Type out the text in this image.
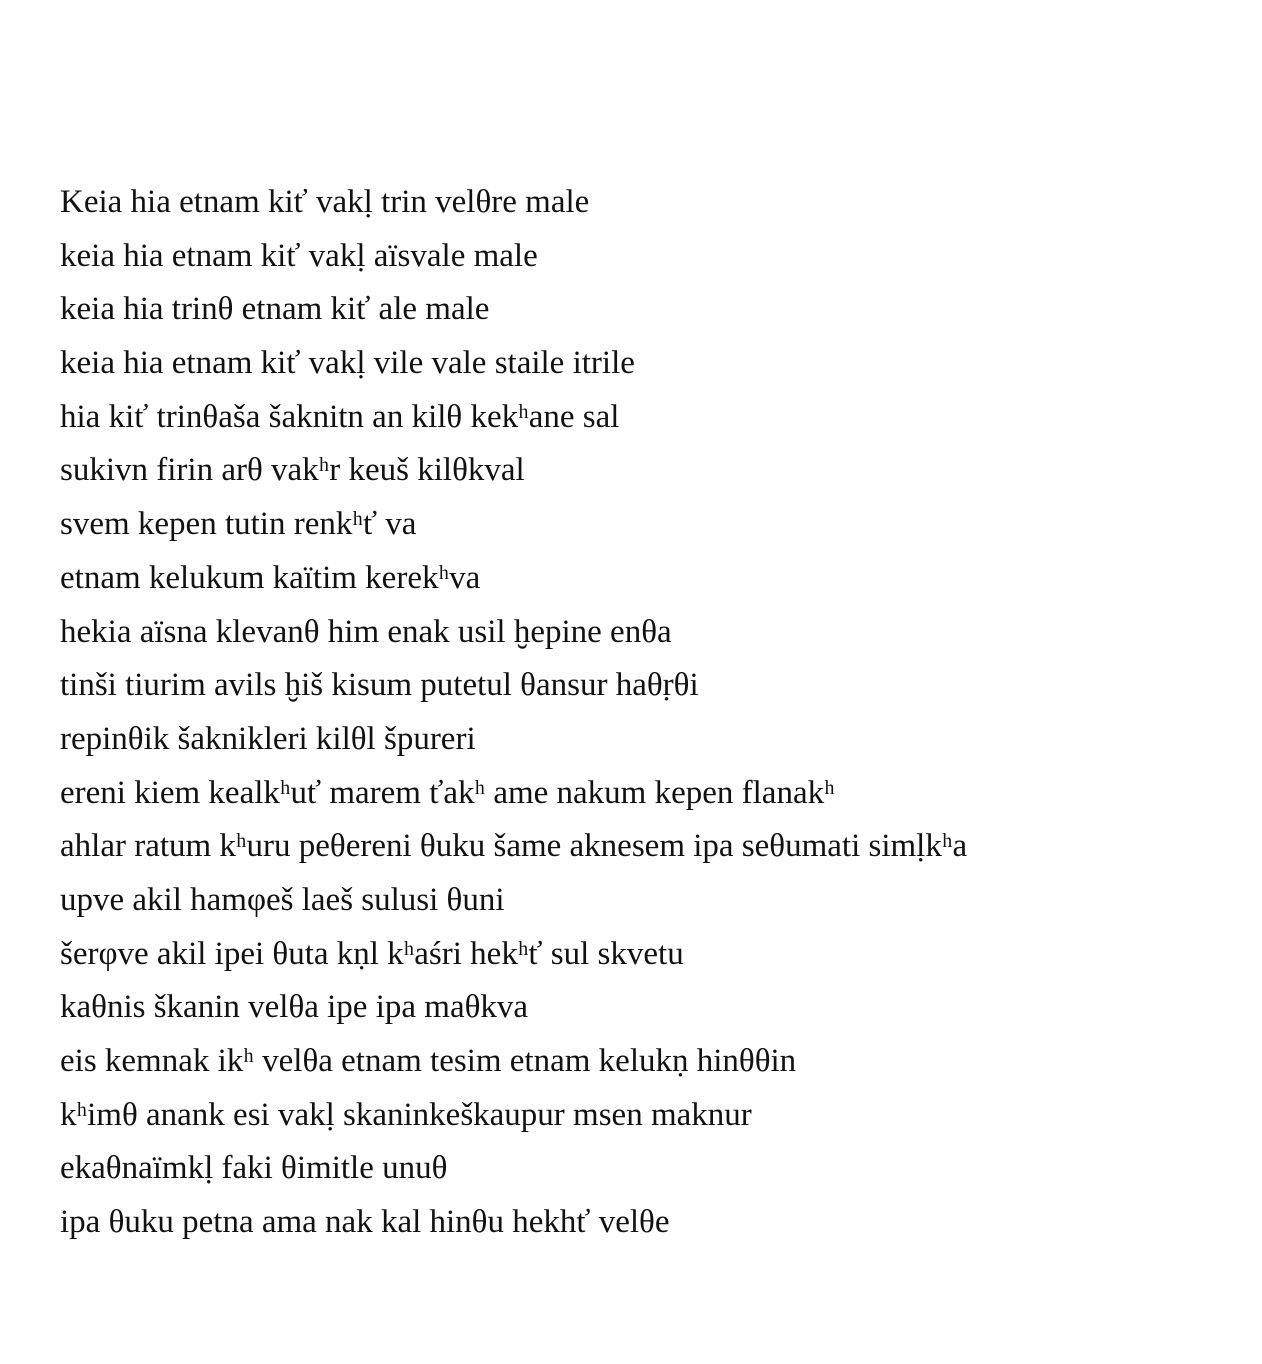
Keia hia etnam kiť vakḷ trin velθre male
keia hia etnam kiť vakḷ aïsvale male
keia hia trinθ etnam kiť ale male
keia hia etnam kiť vakḷ vile vale staile itrile
hia kiť trinθaša šaknitn an kilθ kekʰane sal
sukivn firin arθ vakʰr keuš kilθkval
svem kepen tutin renkʰť va
etnam kelukum kaïtim kerekʰva
hekia aïsna klevanθ him enak usil ḫepine enθa
tinši tiurim avils ḫiš kisum putetul θansur haθṛθi
repinθik šaknikleri kilθl špureri
ereni kiem kealkʰuť marem ťakʰ ame nakum kepen flanakʰ
ahlar ratum kʰuru peθereni θuku šame aknesem ipa seθumati simḷkʰa
upve akil hamφeš laeš sulusi θuni
šerφve akil ipei θuta kṇl kʰaśri hekʰť sul skvetu
kaθnis škanin velθa ipe ipa maθkva
eis kemnak ikʰ velθa etnam tesim etnam kelukṇ hinθθin
kʰimθ anank esi vakḷ skaninkeškaupur msen maknur
ekaθnaïmkḷ faki θimitle unuθ
ipa θuku petna ama nak kal hinθu hekhť velθe
